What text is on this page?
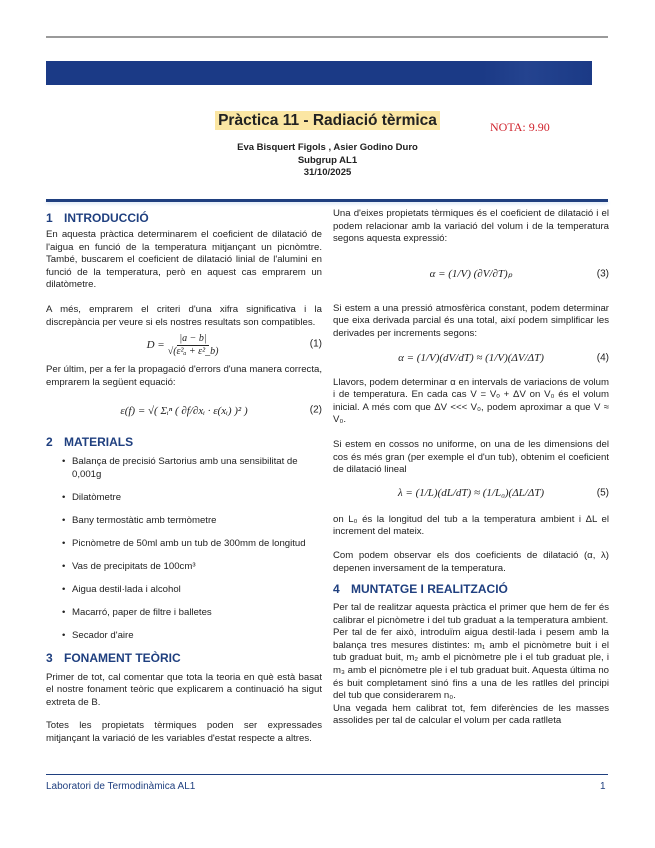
Pràctica 11 - Radiació tèrmica	NOTA: 9.90
Eva Bisquert Figols , Asier Godino Duro
Subgrup AL1
31/10/2025
1 INTRODUCCIÓ

En aquesta pràctica determinarem el coeficient de dilatació de l'aigua en funció de la temperatura mitjançant un picnòmtre. També, buscarem el coeficient de dilatació linial de l'alumini en funció de la temperatura, però en aquest cas emprarem un dilatòmetre.

A més, emprarem el criteri d'una xifra significativa i la discrepància per veure si els nostres resultats son compatibles.

$D = \frac{|a - b|}{\text{√(ε²ₐ + ε²\_b)}}$	(1)

Per últim, per a fer la propagació d'errors d'una manera correcta, emprarem la següent equació:

ε(f) = √( Σᵢⁿ ( ∂f/∂xᵢ · ε(xᵢ) )² )	(2)
2 MATERIALS
• Balança de precisió Sartorius amb una sensibilitat de 0,001g
• Dilatòmetre
• Bany termostàtic amb termòmetre
• Picnòmetre de 50ml amb un tub de 300mm de longitud
• Vas de precipitats de 100cm³
• Aigua destil·lada i alcohol
• Macarró, paper de filtre i balletes
• Secador d'aire
3 FONAMENT TEÒRIC

Primer de tot, cal comentar que tota la teoria en què està basat el nostre fonament teòric que explicarem a continuació ha sigut extreta de B.

Totes les propietats tèrmiques poden ser expressades mitjançant la variació de les variables d'estat respecte a altres.

Una d'eixes propietats tèrmiques és el coeficient de dilatació i el podem relacionar amb la variació del volum i de la temperatura segons aquesta expressió:

α = (1/V) (∂V/∂T)ₚ	(3)

Si estem a una pressió atmosfèrica constant, podem determinar que eixa derivada parcial és una total, així podem simplificar les derivades per increments segons:

α = (1/V)(dV/dT) ≈ (1/V)(ΔV/ΔT)	(4)

Llavors, podem determinar α en intervals de variacions de volum i de temperatura. En cada cas V = Vₒ + ΔV on V₀ és el volum inicial. A més com que ΔV <<< V₀, podem aproximar a que V ≈ V₀.

Si estem en cossos no uniforme, on una de les dimensions del cos és més gran (per exemple el d'un tub), obtenim el coeficient de dilatació lineal

λ = (1/L)(dL/dT) ≈ (1/L₀)(ΔL/ΔT)	(5)

on L₀ és la longitud del tub a la temperatura ambient i ΔL el increment del mateix.

Com podem observar els dos coeficients de dilatació (α, λ) depenen inversament de la temperatura.

4 MUNTATGE I REALITZACIÓ

Per tal de realitzar aquesta pràctica el primer que hem de fer és calibrar el picnòmetre i del tub graduat a la temperatura ambient.

Per tal de fer això, introduïm aigua destil·lada i pesem amb la balança tres mesures distintes: m₁ amb el picnòmetre buit i el tub graduat buit, m₂ amb el picnòmetre ple i el tub graduat ple, i m₃ amb el picnòmetre ple i el tub graduat buit. Aquesta última no és buit completament sinó fins a una de les ratlles del principi del tub que considerarem n₀.

Una vegada hem calibrat tot, fem diferències de les masses assolides per tal de calcular el volum per cada ratlleta

Laboratori de Termodinàmica AL1	1
